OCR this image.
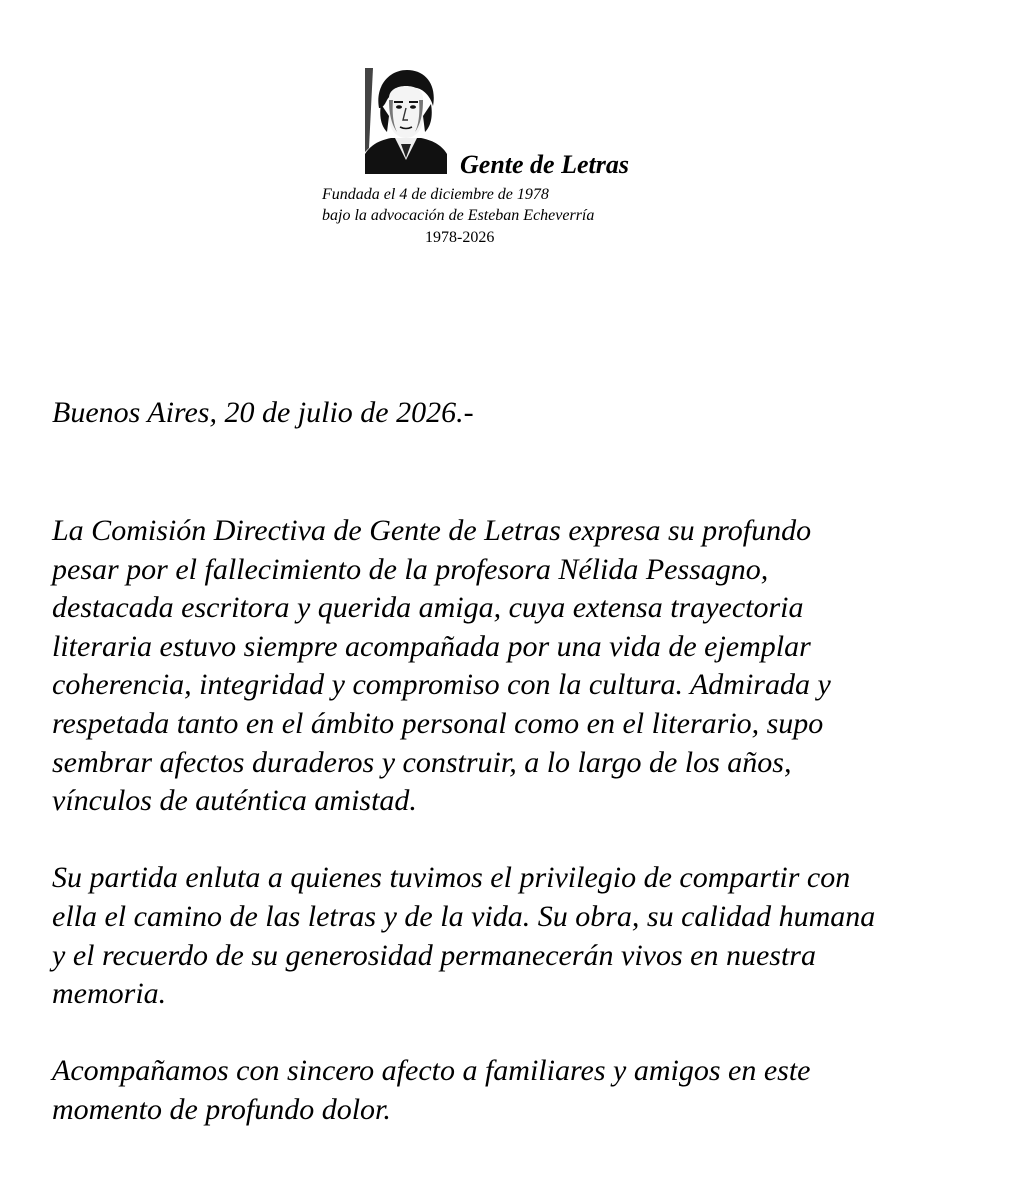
Gente de Letras
Fundada el 4 de diciembre de 1978
bajo la advocación de Esteban Echeverría
1978-2026
Buenos Aires, 20 de julio de 2026.-

La Comisión Directiva de Gente de Letras expresa su profundo
pesar por el fallecimiento de la profesora Nélida Pessagno,
destacada escritora y querida amiga, cuya extensa trayectoria
literaria estuvo siempre acompañada por una vida de ejemplar
coherencia, integridad y compromiso con la cultura. Admirada y
respetada tanto en el ámbito personal como en el literario, supo
sembrar afectos duraderos y construir, a lo largo de los años,
vínculos de auténtica amistad.

Su partida enluta a quienes tuvimos el privilegio de compartir con
ella el camino de las letras y de la vida. Su obra, su calidad humana
y el recuerdo de su generosidad permanecerán vivos en nuestra
memoria.

Acompañamos con sincero afecto a familiares y amigos en este
momento de profundo dolor.
